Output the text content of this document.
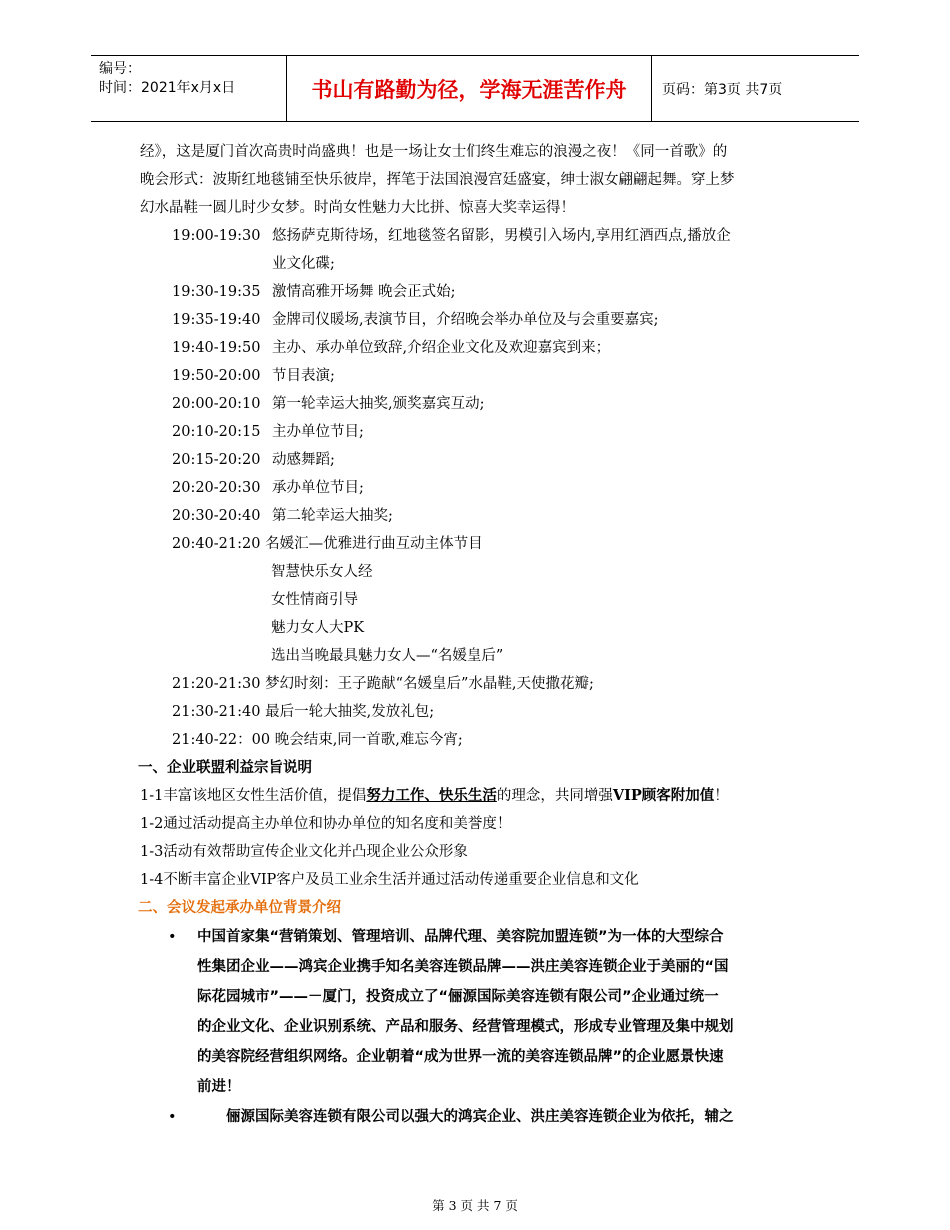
编号：
时间：2021年x月x日	书山有路勤为径，学海无涯苦作舟	页码：第3页 共7页
经》，这是厦门首次高贵时尚盛典！也是一场让女士们终生难忘的浪漫之夜！《同一首歌》的
晚会形式：波斯红地毯铺至快乐彼岸，挥笔于法国浪漫宫廷盛宴，绅士淑女翩翩起舞。穿上梦
幻水晶鞋一圆儿时少女梦。时尚女性魅力大比拼、惊喜大奖幸运得！
19:00-19:30 悠扬萨克斯待场，红地毯签名留影，男模引入场内,享用红酒西点,播放企
业文化碟;
19:30-19:35 激情高雅开场舞 晚会正式始;
19:35-19:40 金牌司仪暖场,表演节目，介绍晚会举办单位及与会重要嘉宾;
19:40-19:50 主办、承办单位致辞,介绍企业文化及欢迎嘉宾到来；
19:50-20:00 节目表演;
20:00-20:10 第一轮幸运大抽奖,颁奖嘉宾互动;
20:10-20:15 主办单位节目;
20:15-20:20 动感舞蹈;
20:20-20:30 承办单位节目;
20:30-20:40 第二轮幸运大抽奖;
20:40-21:20 名媛汇—优雅进行曲互动主体节目
智慧快乐女人经
女性情商引导
魅力女人大PK
选出当晚最具魅力女人—“名媛皇后”
21:20-21:30 梦幻时刻：王子跪献“名媛皇后”水晶鞋,天使撒花瓣;
21:30-21:40 最后一轮大抽奖,发放礼包;
21:40-22：00 晚会结束,同一首歌,难忘今宵;
一、企业联盟利益宗旨说明
1-1丰富该地区女性生活价值，提倡努力工作、快乐生活的理念，共同增强VIP顾客附加值！
1-2通过活动提高主办单位和协办单位的知名度和美誉度！
1-3活动有效帮助宣传企业文化并凸现企业公众形象
1-4不断丰富企业VIP客户及员工业余生活并通过活动传递重要企业信息和文化
二、会议发起承办单位背景介绍
• 中国首家集“营销策划、管理培训、品牌代理、美容院加盟连锁”为一体的大型综合
性集团企业——鸿宾企业携手知名美容连锁品牌——洪庄美容连锁企业于美丽的“国
际花园城市”——－厦门，投资成立了“俪源国际美容连锁有限公司”企业通过统一
的企业文化、企业识别系统、产品和服务、经营管理模式，形成专业管理及集中规划
的美容院经营组织网络。企业朝着“成为世界一流的美容连锁品牌”的企业愿景快速
前进！
• 　　俪源国际美容连锁有限公司以强大的鸿宾企业、洪庄美容连锁企业为依托，辅之
第 3 页 共 7 页
